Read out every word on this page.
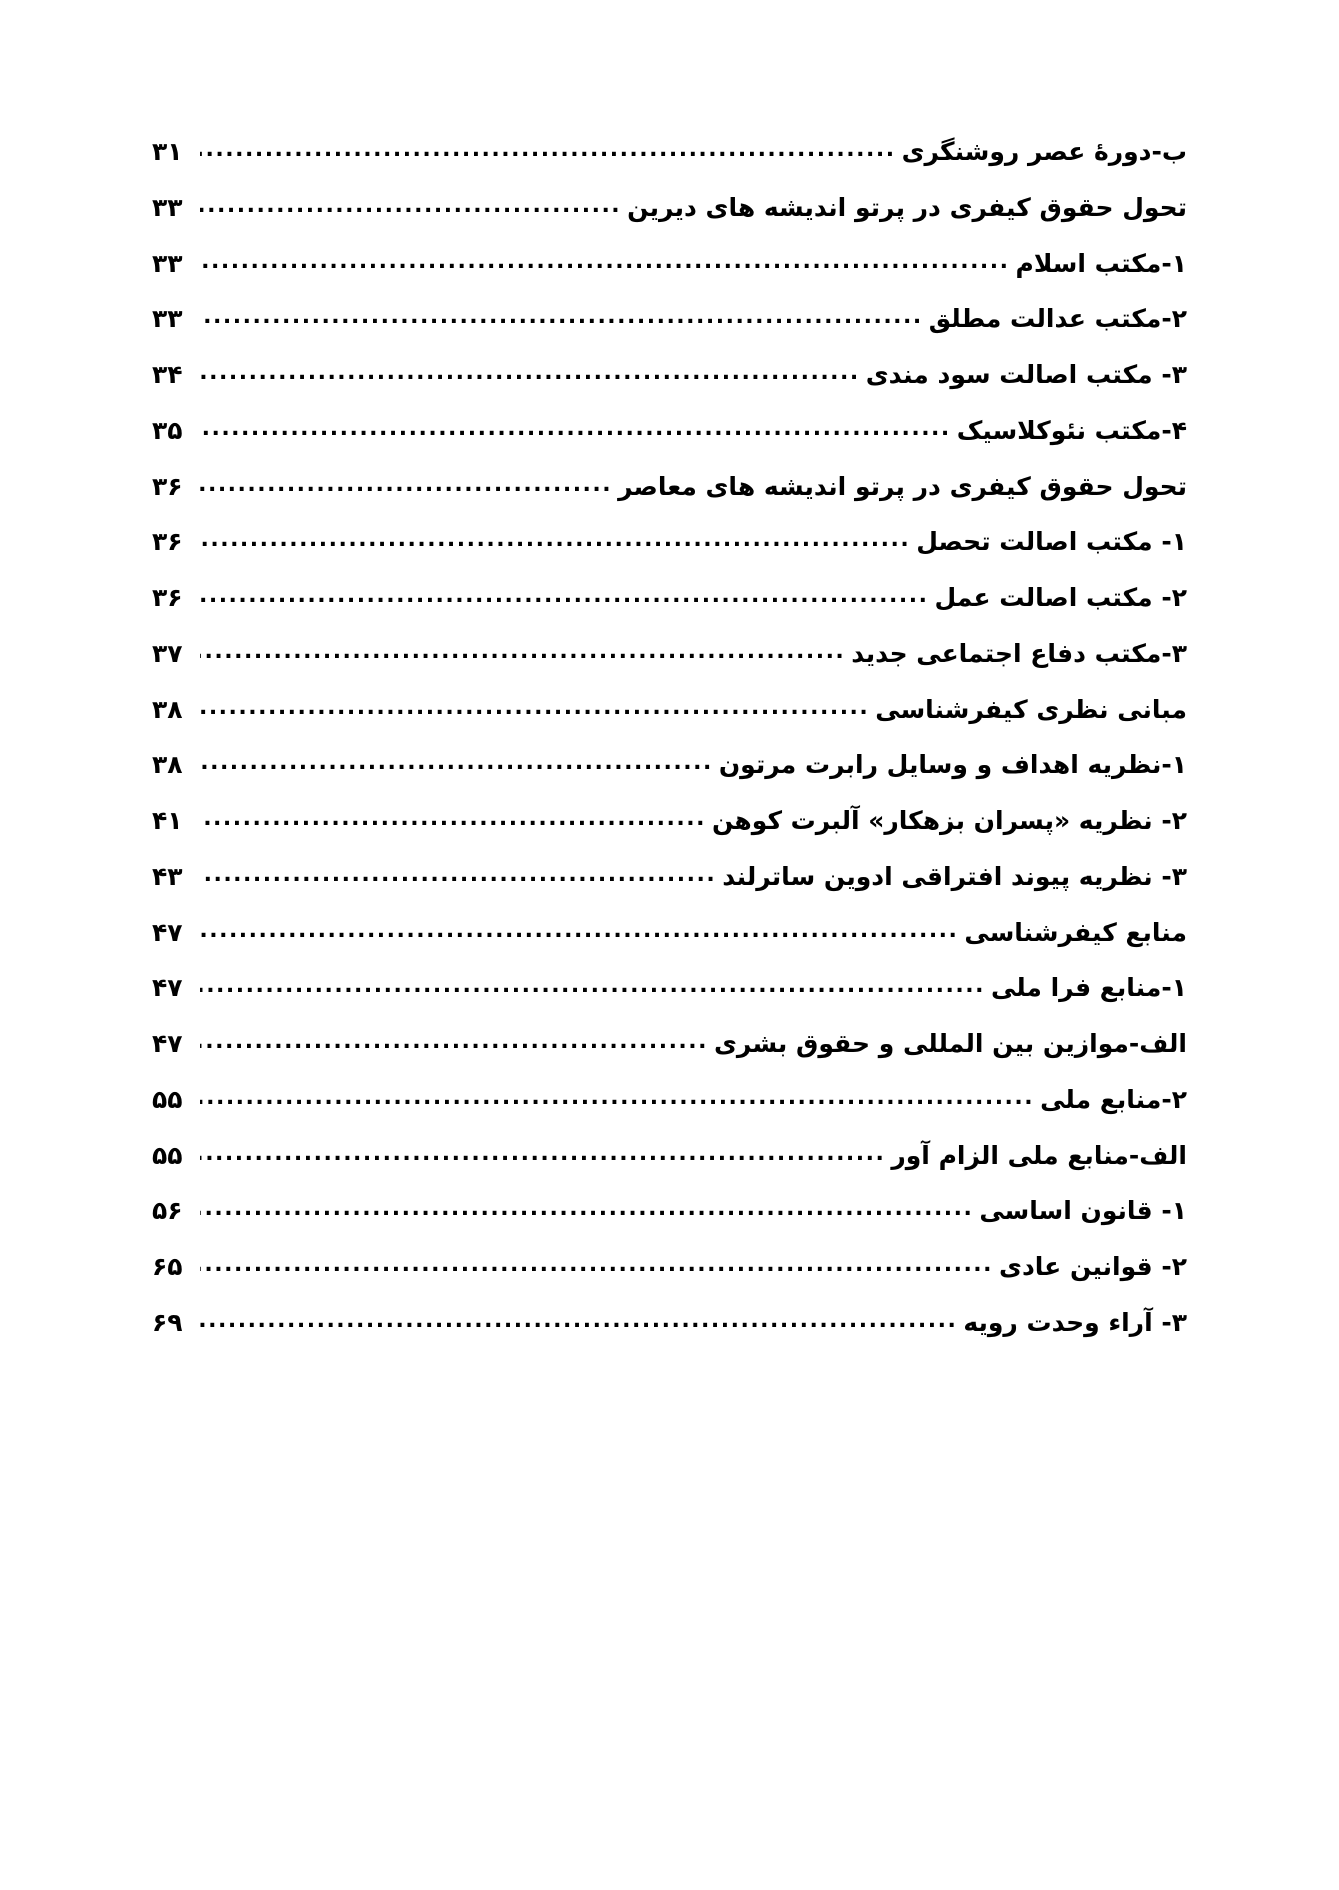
ب-دورهٔ عصر روشنگری
.....
۳۱
تحول حقوق کیفری در پرتو اندیشه های دیرین
.....
۳۳
۱-مکتب اسلام
.....
۳۳
۲-مکتب عدالت مطلق
.....
۳۳
۳- مکتب اصالت سود مندی
.....
۳۴
۴-مکتب نئوکلاسیک
.....
۳۵
تحول حقوق کیفری در پرتو اندیشه های معاصر
.....
۳۶
۱- مکتب اصالت تحصل
.....
۳۶
۲- مکتب اصالت عمل
.....
۳۶
۳-مکتب دفاع اجتماعی جدید
.....
۳۷
مبانی نظری کیفرشناسی
.....
۳۸
۱-نظریه اهداف و وسایل رابرت مرتون
.....
۳۸
۲- نظریه «پسران بزهکار» آلبرت کوهن
.....
۴۱
۳- نظریه پیوند افتراقی ادوین ساترلند
.....
۴۳
منابع کیفرشناسی
.....
۴۷
۱-منابع فرا ملی
.....
۴۷
الف-موازین بین المللی و حقوق بشری
.....
۴۷
۲-منابع ملی
.....
۵۵
الف-منابع ملی الزام آور
.....
۵۵
۱- قانون اساسی
.....
۵۶
۲- قوانین عادی
.....
۶۵
۳- آراء وحدت رویه
.....
۶۹
